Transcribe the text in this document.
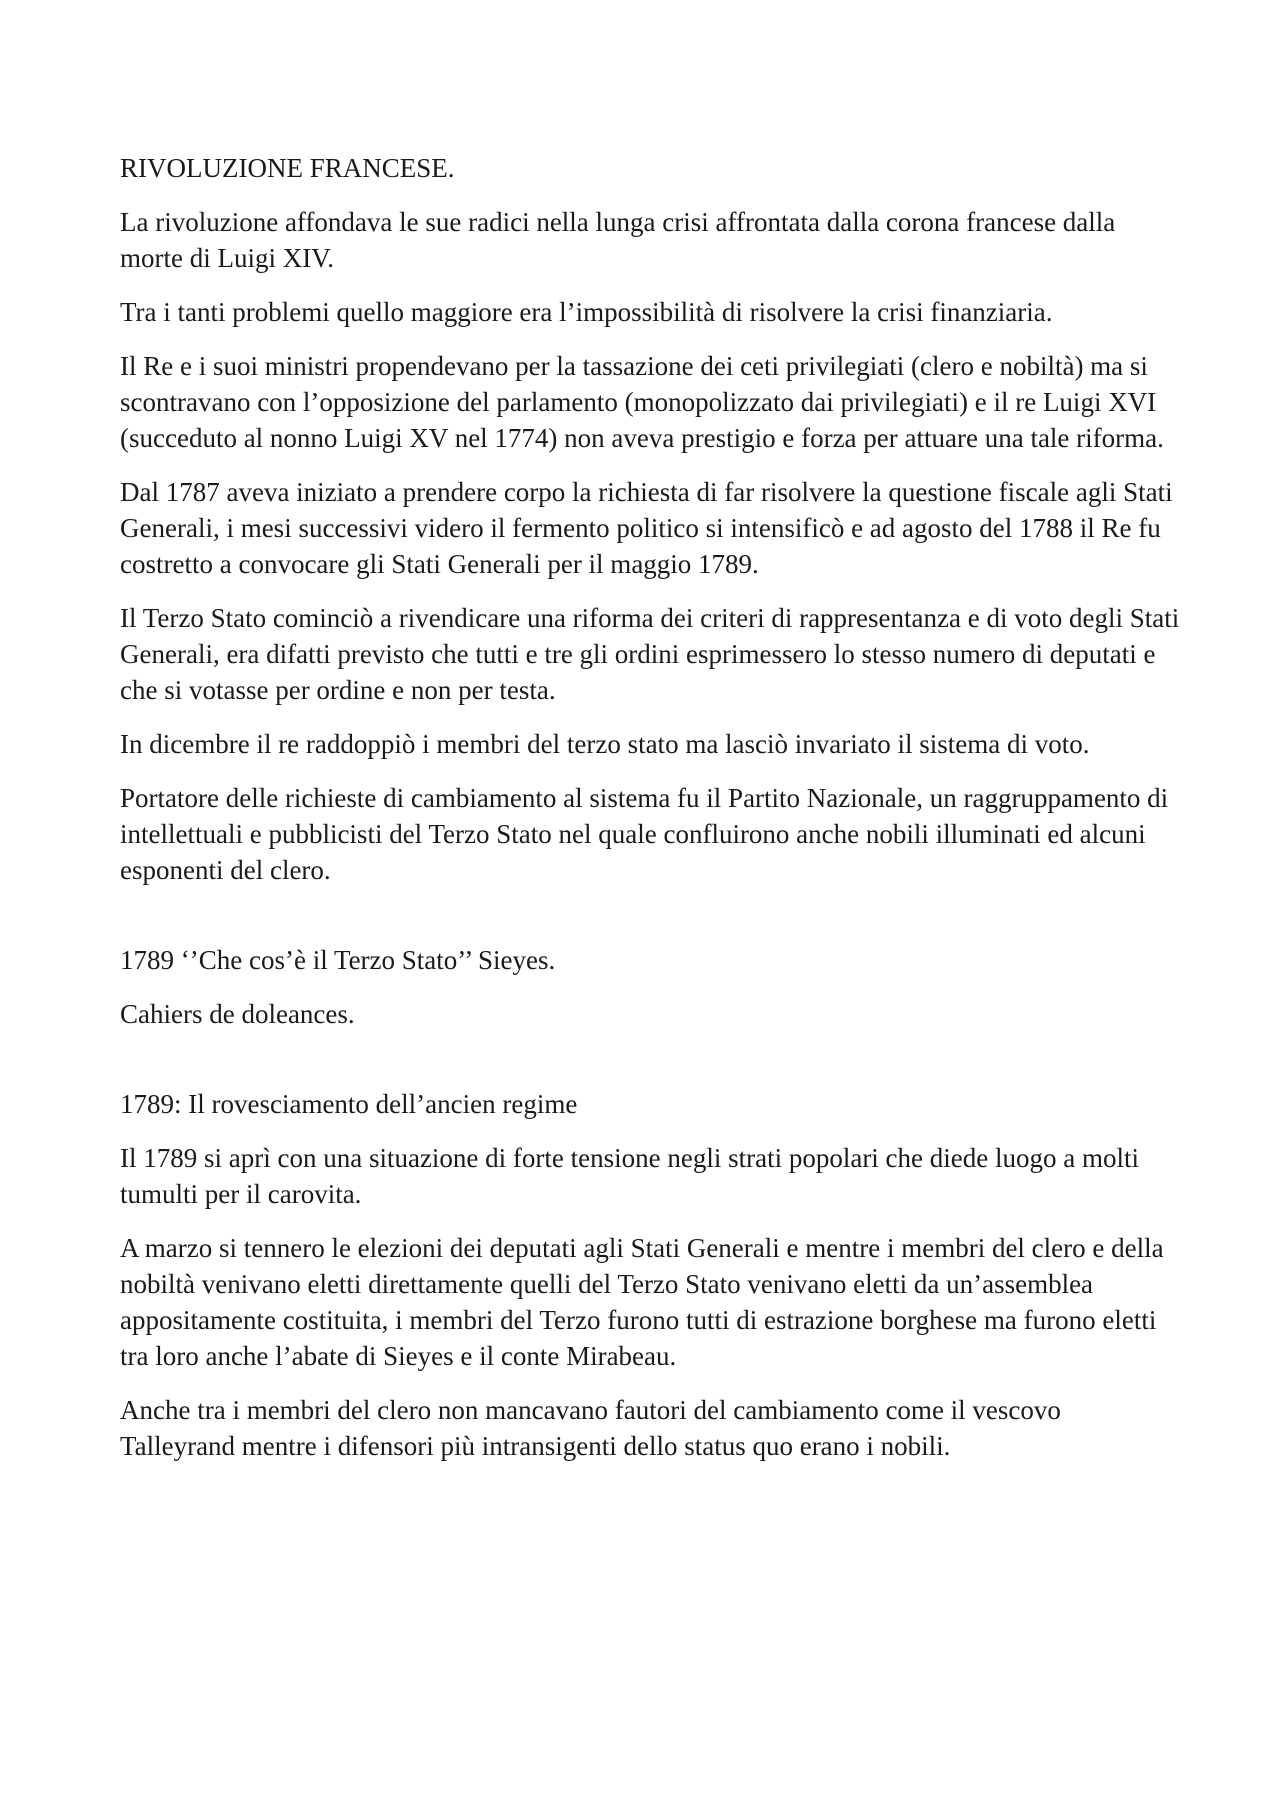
RIVOLUZIONE FRANCESE.

La rivoluzione affondava le sue radici nella lunga crisi affrontata dalla corona francese dalla morte di Luigi XIV.

Tra i tanti problemi quello maggiore era l’impossibilità di risolvere la crisi finanziaria.

Il Re e i suoi ministri propendevano per la tassazione dei ceti privilegiati (clero e nobiltà) ma si scontravano con l’opposizione del parlamento (monopolizzato dai privilegiati) e il re Luigi XVI (succeduto al nonno Luigi XV nel 1774) non aveva prestigio e forza per attuare una tale riforma.

Dal 1787 aveva iniziato a prendere corpo la richiesta di far risolvere la questione fiscale agli Stati Generali, i mesi successivi videro il fermento politico si intensificò e ad agosto del 1788 il Re fu costretto a convocare gli Stati Generali per il maggio 1789.

Il Terzo Stato cominciò a rivendicare una riforma dei criteri di rappresentanza e di voto degli Stati Generali, era difatti previsto che tutti e tre gli ordini esprimessero lo stesso numero di deputati e che si votasse per ordine e non per testa.

In dicembre il re raddoppiò i membri del terzo stato ma lasciò invariato il sistema di voto.

Portatore delle richieste di cambiamento al sistema fu il Partito Nazionale, un raggruppamento di intellettuali e pubblicisti del Terzo Stato nel quale confluirono anche nobili illuminati ed alcuni esponenti del clero.

1789 ‘’Che cos’è il Terzo Stato’’ Sieyes.

Cahiers de doleances.

1789: Il rovesciamento dell’ancien regime

Il 1789 si aprì con una situazione di forte tensione negli strati popolari che diede luogo a molti tumulti per il carovita.

A marzo si tennero le elezioni dei deputati agli Stati Generali e mentre i membri del clero e della nobiltà venivano eletti direttamente quelli del Terzo Stato venivano eletti da un’assemblea appositamente costituita, i membri del Terzo furono tutti di estrazione borghese ma furono eletti tra loro anche l’abate di Sieyes e il conte Mirabeau.

Anche tra i membri del clero non mancavano fautori del cambiamento come il vescovo Talleyrand mentre i difensori più intransigenti dello status quo erano i nobili.
